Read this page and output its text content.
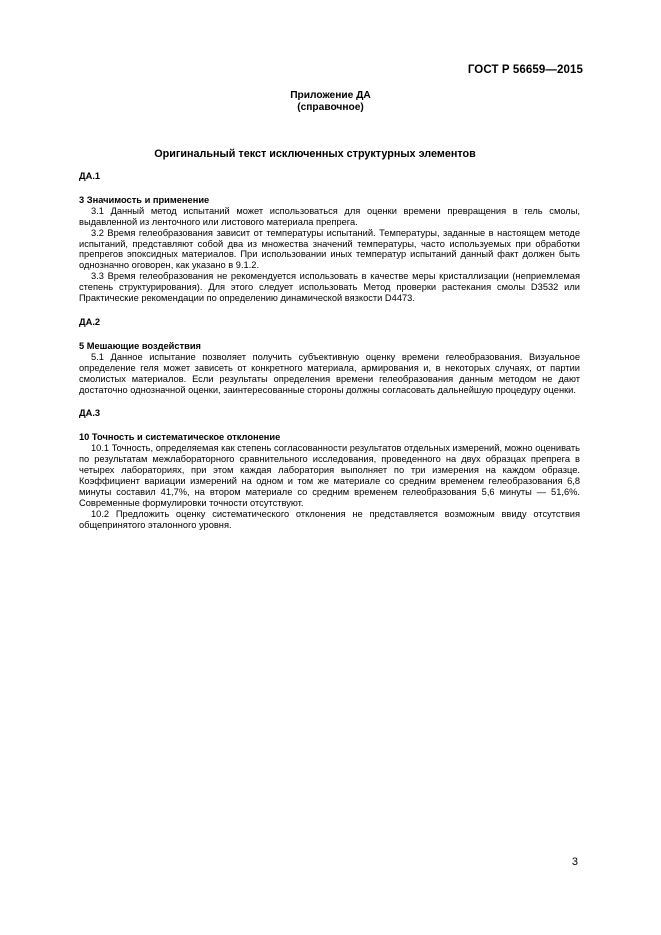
ГОСТ Р 56659—2015
Приложение ДА
(справочное)
Оригинальный текст исключенных структурных элементов

ДА.1

3 Значимость и применение

3.1 Данный метод испытаний может использоваться для оценки времени превращения в гель смолы, выдавленной из ленточного или листового материала препрега.

3.2 Время гелеобразования зависит от температуры испытаний. Температуры, заданные в настоящем методе испытаний, представляют собой два из множества значений температуры, часто используемых при обработки препрегов эпоксидных материалов. При использовании иных температур испытаний данный факт должен быть однозначно оговорен, как указано в 9.1.2.

3.3 Время гелеобразования не рекомендуется использовать в качестве меры кристаллизации (неприемлемая степень структурирования). Для этого следует использовать Метод проверки растекания смолы D3532 или Практические рекомендации по определению динамической вязкости D4473.

ДА.2

5 Мешающие воздействия

5.1 Данное испытание позволяет получить субъективную оценку времени гелеобразования. Визуальное определение геля может зависеть от конкретного материала, армирования и, в некоторых случаях, от партии смолистых материалов. Если результаты определения времени гелеобразования данным методом не дают достаточно однозначной оценки, заинтересованные стороны должны согласовать дальнейшую процедуру оценки.

ДА.3

10 Точность и систематическое отклонение

10.1 Точность, определяемая как степень согласованности результатов отдельных измерений, можно оценивать по результатам межлабораторного сравнительного исследования, проведенного на двух образцах препрега в четырех лабораториях, при этом каждая лаборатория выполняет по три измерения на каждом образце. Коэффициент вариации измерений на одном и том же материале со средним временем гелеобразования 6,8 минуты составил 41,7%, на втором материале со средним временем гелеобразования 5,6 минуты — 51,6%. Современные формулировки точности отсутствуют.

10.2 Предложить оценку систематического отклонения не представляется возможным ввиду отсутствия общепринятого эталонного уровня.

3
